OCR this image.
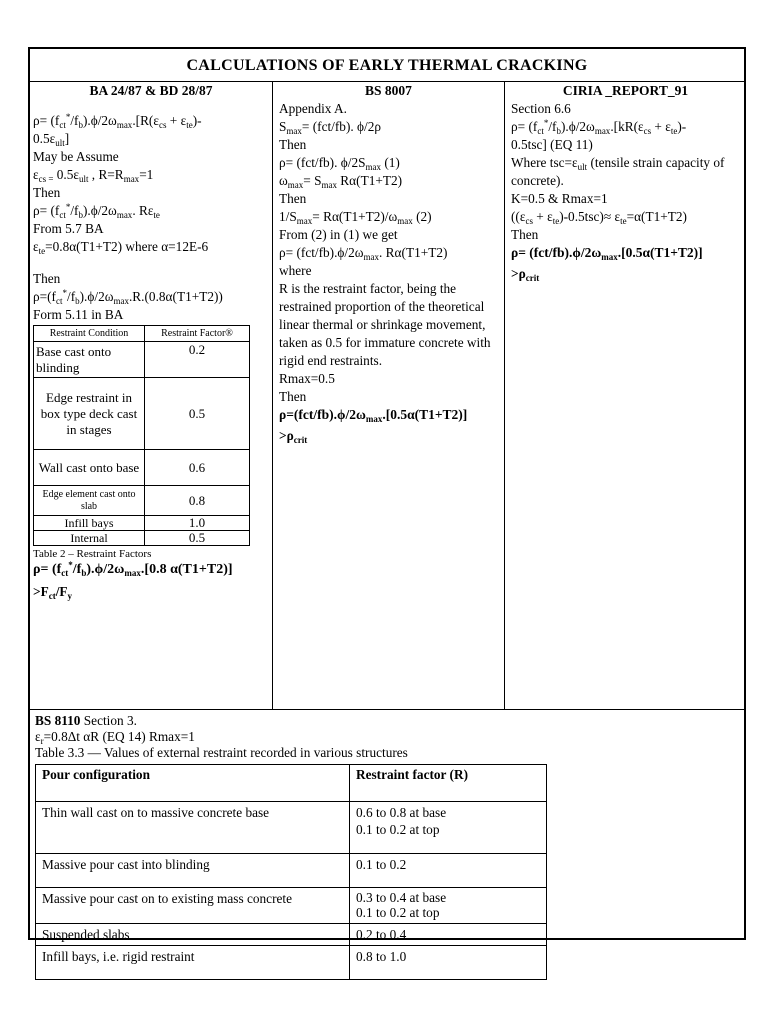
CALCULATIONS OF EARLY THERMAL CRACKING
BA 24/87 & BD 28/87
$\rho= (f_{ct}^*/f_b).\phi/2\omega_{max}.[R(\varepsilon_{cs} + \varepsilon_{te})-$
$0.5\varepsilon_{ult}$]
May be Assume
$\varepsilon_{cs =}$ $0.5\varepsilon_{ult}$ , $R=R_{max}=1$
Then
$\rho= (f_{ct}^*/f_b).\phi/2\omega_{max}$. $R\varepsilon_{te}$
From 5.7 BA
$\varepsilon_{te}=0.8\alpha(T1+T2)$ where α=12E-6
Then
$\rho=(f_{ct}^*/f_b).\phi/2\omega_{max}.R.(0.8\alpha(T1+T2))$
Form 5.11 in BA
Restraint Condition	Restraint Factor®
Base cast onto blinding	0.2
Edge restraint in box type deck cast in stages	0.5
Wall cast onto base	0.6
Edge element cast onto slab	0.8
Infill bays	1.0
Internal	0.5
Table 2 – Restraint Factors
$\rho= (f_{ct}^*/f_b).\phi/2\omega_{max}.[0.8$ α(T1+T2)]
$>F_{ct}/F_y$
BS 8007
Appendix A.
$S_{max}= (fct/fb)$. ϕ/2ρ
Then
ρ= (fct/fb). $\phi/2S_{max}$ (1)
$\omega_{max}= S_{max}$ Rα(T1+T2)
Then
$1/S_{max}= R\alpha(T1+T2)/\omega_{max}$ (2)
From (2) in (1) we get
$\rho= (fct/fb).\phi/2\omega_{max}$. Rα(T1+T2)
where
R is the restraint factor, being the restrained proportion of the theoretical linear thermal or shrinkage movement, taken as 0.5 for immature concrete with rigid end restraints.
Rmax=0.5
Then
$\rho=(fct/fb).\phi/2\omega_{max}.[0.5\alpha(T1+T2)]$
$>\rho_{crit}$
CIRIA _REPORT_91
Section 6.6
$\rho= (f_{ct}^*/f_b).\phi/2\omega_{max}.[kR(\varepsilon_{cs} + \varepsilon_{te})-$
0.5tsc] (EQ 11)
Where $tsc=\varepsilon_{ult}$ (tensile strain capacity of concrete).
K=0.5 & Rmax=1
$((\varepsilon_{cs} + \varepsilon_{te})-0.5tsc)\approx \varepsilon_{te}=\alpha(T1+T2)$
Then
$\rho= (fct/fb).\phi/2\omega_{max}.[0.5\alpha(T1+T2)]$
$>\rho_{crit}$
BS 8110 Section 3.
$\varepsilon_r=0.8\Delta t$ αR (EQ 14) Rmax=1
Table 3.3 — Values of external restraint recorded in various structures
Pour configuration	Restraint factor (R)
Thin wall cast on to massive concrete base	0.6 to 0.8 at base
0.1 to 0.2 at top

Massive pour cast into blinding	0.1 to 0.2

Massive pour cast on to existing mass concrete	0.3 to 0.4 at base
0.1 to 0.2 at top

Suspended slabs	0.2 to 0.4

Infill bays, i.e. rigid restraint	0.8 to 1.0
